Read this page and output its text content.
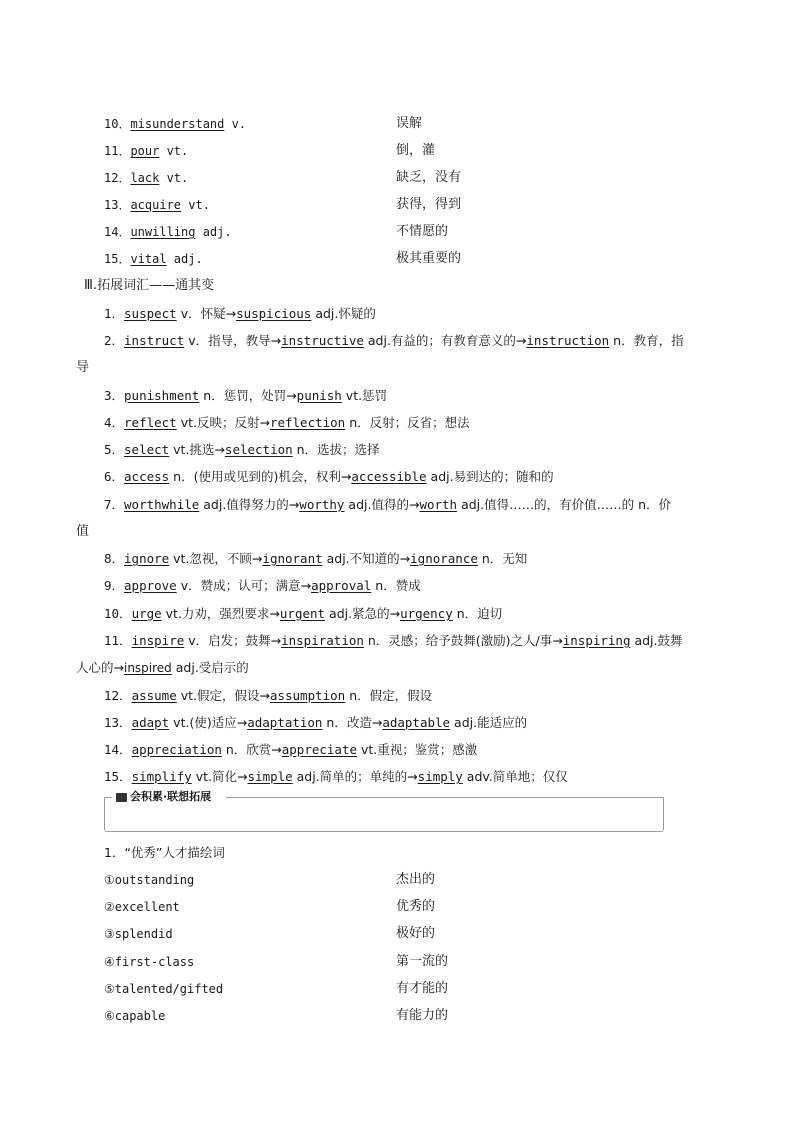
10．misunderstand v.	误解
11．pour vt.	倒，灌
12．lack vt.	缺乏，没有
13．acquire vt.	获得，得到
14．unwilling adj.	不情愿的
15．vital adj.	极其重要的
Ⅲ.拓展词汇——通其变
1．suspect v．怀疑→suspicious adj.怀疑的
2．instruct v．指导，教导→instructive adj.有益的；有教育意义的→instruction n．教育，指
导
3．punishment n．惩罚，处罚→punish vt.惩罚
4．reflect vt.反映；反射→reflection n．反射；反省；想法
5．select vt.挑选→selection n．选拔；选择
6．access n．(使用或见到的)机会，权利→accessible adj.易到达的；随和的
7．worthwhile adj.值得努力的→worthy adj.值得的→worth adj.值得……的，有价值……的 n．价
值
8．ignore vt.忽视，不顾→ignorant adj.不知道的→ignorance n．无知
9．approve v．赞成；认可；满意→approval n．赞成
10．urge vt.力劝，强烈要求→urgent adj.紧急的→urgency n．迫切
11．inspire v．启发；鼓舞→inspiration n．灵感；给予鼓舞(激励)之人/事→inspiring adj.鼓舞
人心的→inspired adj.受启示的
12．assume vt.假定，假设→assumption n．假定，假设
13．adapt vt.(使)适应→adaptation n．改造→adaptable adj.能适应的
14．appreciation n．欣赏→appreciate vt.重视；鉴赏；感激
15．simplify vt.简化→simple adj.简单的；单纯的→simply adv.简单地；仅仅
会积累·联想拓展
1．“优秀”人才描绘词
①outstanding	杰出的
②excellent	优秀的
③splendid	极好的
④first-class	第一流的
⑤talented/gifted	有才能的
⑥capable	有能力的
